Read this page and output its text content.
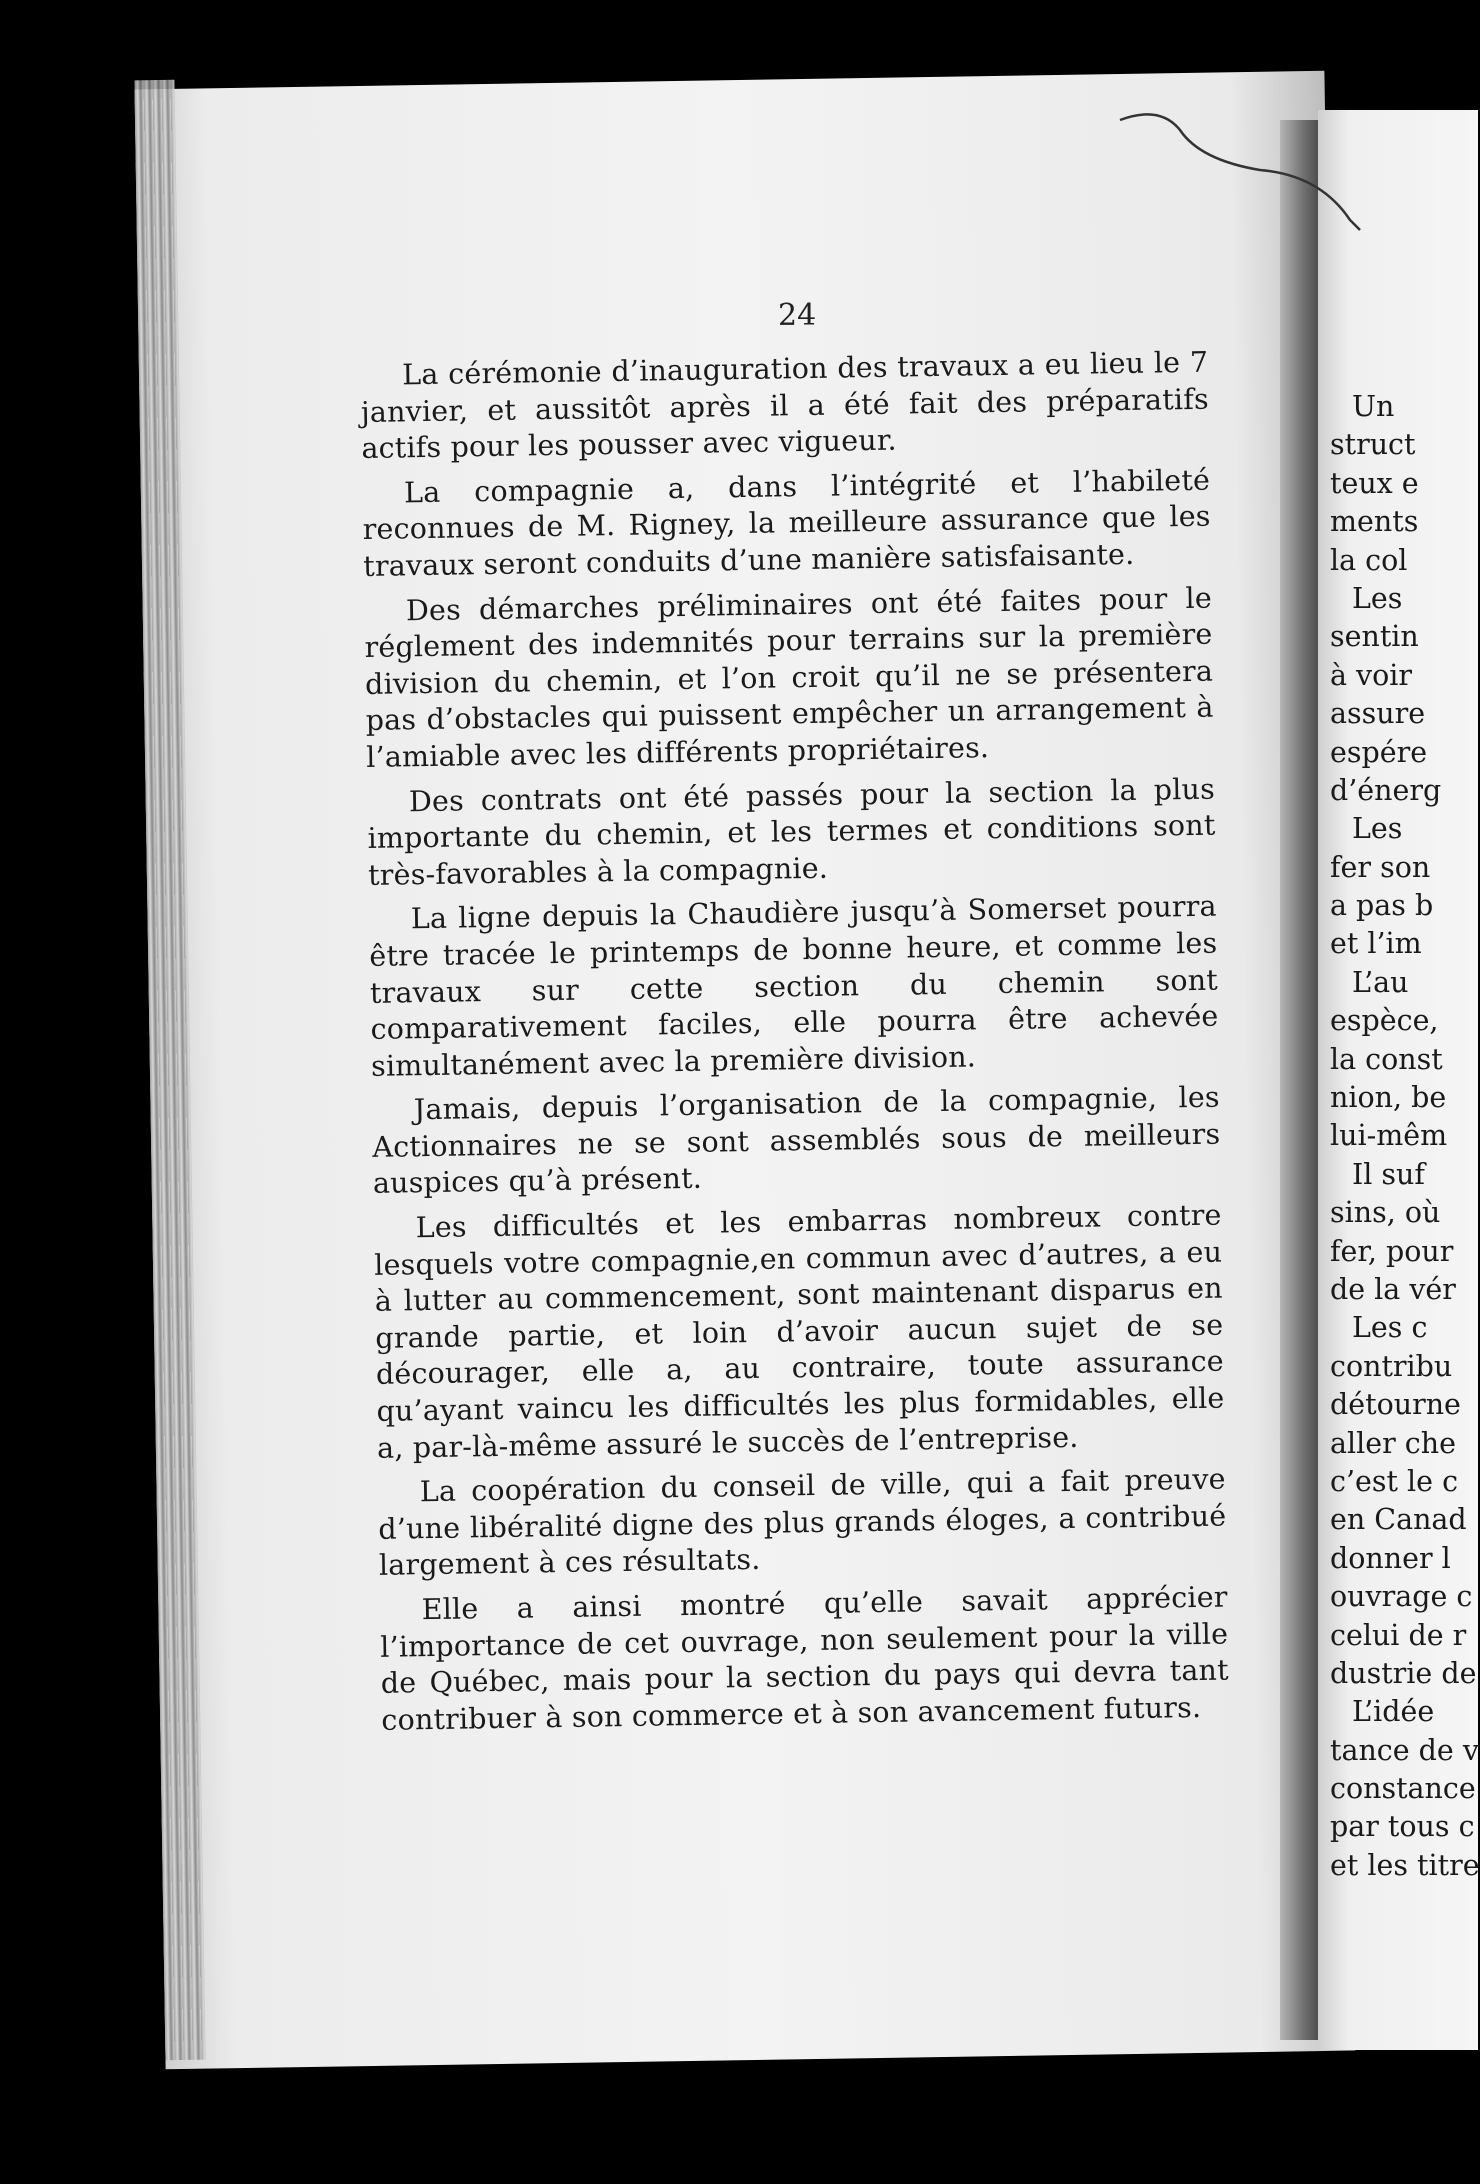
24

La cérémonie d’inauguration des travaux a eu lieu le 7 janvier, et aussitôt après il a été fait des préparatifs actifs pour les pousser avec vigueur.

La compagnie a, dans l’intégrité et l’habileté reconnues de M. Rigney, la meilleure assurance que les travaux seront conduits d’une manière satisfaisante.

Des démarches préliminaires ont été faites pour le réglement des indemnités pour terrains sur la première division du chemin, et l’on croit qu’il ne se présentera pas d’obstacles qui puissent empêcher un arrangement à l’amiable avec les différents propriétaires.

Des contrats ont été passés pour la section la plus importante du chemin, et les termes et conditions sont très-favorables à la compagnie.

La ligne depuis la Chaudière jusqu’à Somerset pourra être tracée le printemps de bonne heure, et comme les travaux sur cette section du chemin sont comparativement faciles, elle pourra être achevée simultanément avec la première division.

Jamais, depuis l’organisation de la compagnie, les Actionnaires ne se sont assemblés sous de meilleurs auspices qu’à présent.

Les difficultés et les embarras nombreux contre lesquels votre compagnie,en commun avec d’autres, a eu à lutter au commencement, sont maintenant disparus en grande partie, et loin d’avoir aucun sujet de se décourager, elle a, au contraire, toute assurance qu’ayant vaincu les difficultés les plus formidables, elle a, par-là-même assuré le succès de l’entreprise.

La coopération du conseil de ville, qui a fait preuve d’une libéralité digne des plus grands éloges, a contribué largement à ces résultats.

Elle a ainsi montré qu’elle savait apprécier l’importance de cet ouvrage, non seulement pour la ville de Québec, mais pour la section du pays qui devra tant contribuer à son commerce et à son avancement futurs.

Un
struct
teux e
ments
la col
Les
sentin
à voir
assure
espére
d’énerg
Les
fer son
a pas b
et l’im
L’au
espèce,
la const
nion, be
lui-mêm
Il suf
sins, où
fer, pour
de la vér
Les c
contribu
détourne
aller che
c’est le c
en Canad
donner l
ouvrage c
celui de r
dustrie de
L’idée
tance de v
constance
par tous c
et les titre
